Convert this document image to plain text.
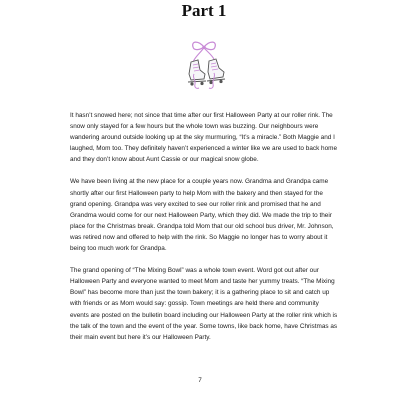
Part 1

It hasn’t snowed here; not since that time after our first Halloween Party at our roller rink. The snow only stayed for a few hours but the whole town was buzzing. Our neighbours were wandering around outside looking up at the sky murmuring, “It’s a miracle.” Both Maggie and I laughed, Mom too. They definitely haven’t experienced a winter like we are used to back home and they don’t know about Aunt Cassie or our magical snow globe.

We have been living at the new place for a couple years now. Grandma and Grandpa came shortly after our first Halloween party to help Mom with the bakery and then stayed for the grand opening. Grandpa was very excited to see our roller rink and promised that he and Grandma would come for our next Halloween Party, which they did. We made the trip to their place for the Christmas break. Grandpa told Mom that our old school bus driver, Mr. Johnson, was retired now and offered to help with the rink. So Maggie no longer has to worry about it being too much work for Grandpa.

The grand opening of “The Mixing Bowl” was a whole town event. Word got out after our Halloween Party and everyone wanted to meet Mom and taste her yummy treats. “The Mixing Bowl” has become more than just the town bakery; it is a gathering place to sit and catch up with friends or as Mom would say: gossip. Town meetings are held there and community events are posted on the bulletin board including our Halloween Party at the roller rink which is the talk of the town and the event of the year. Some towns, like back home, have Christmas as their main event but here it’s our Halloween Party.

7
